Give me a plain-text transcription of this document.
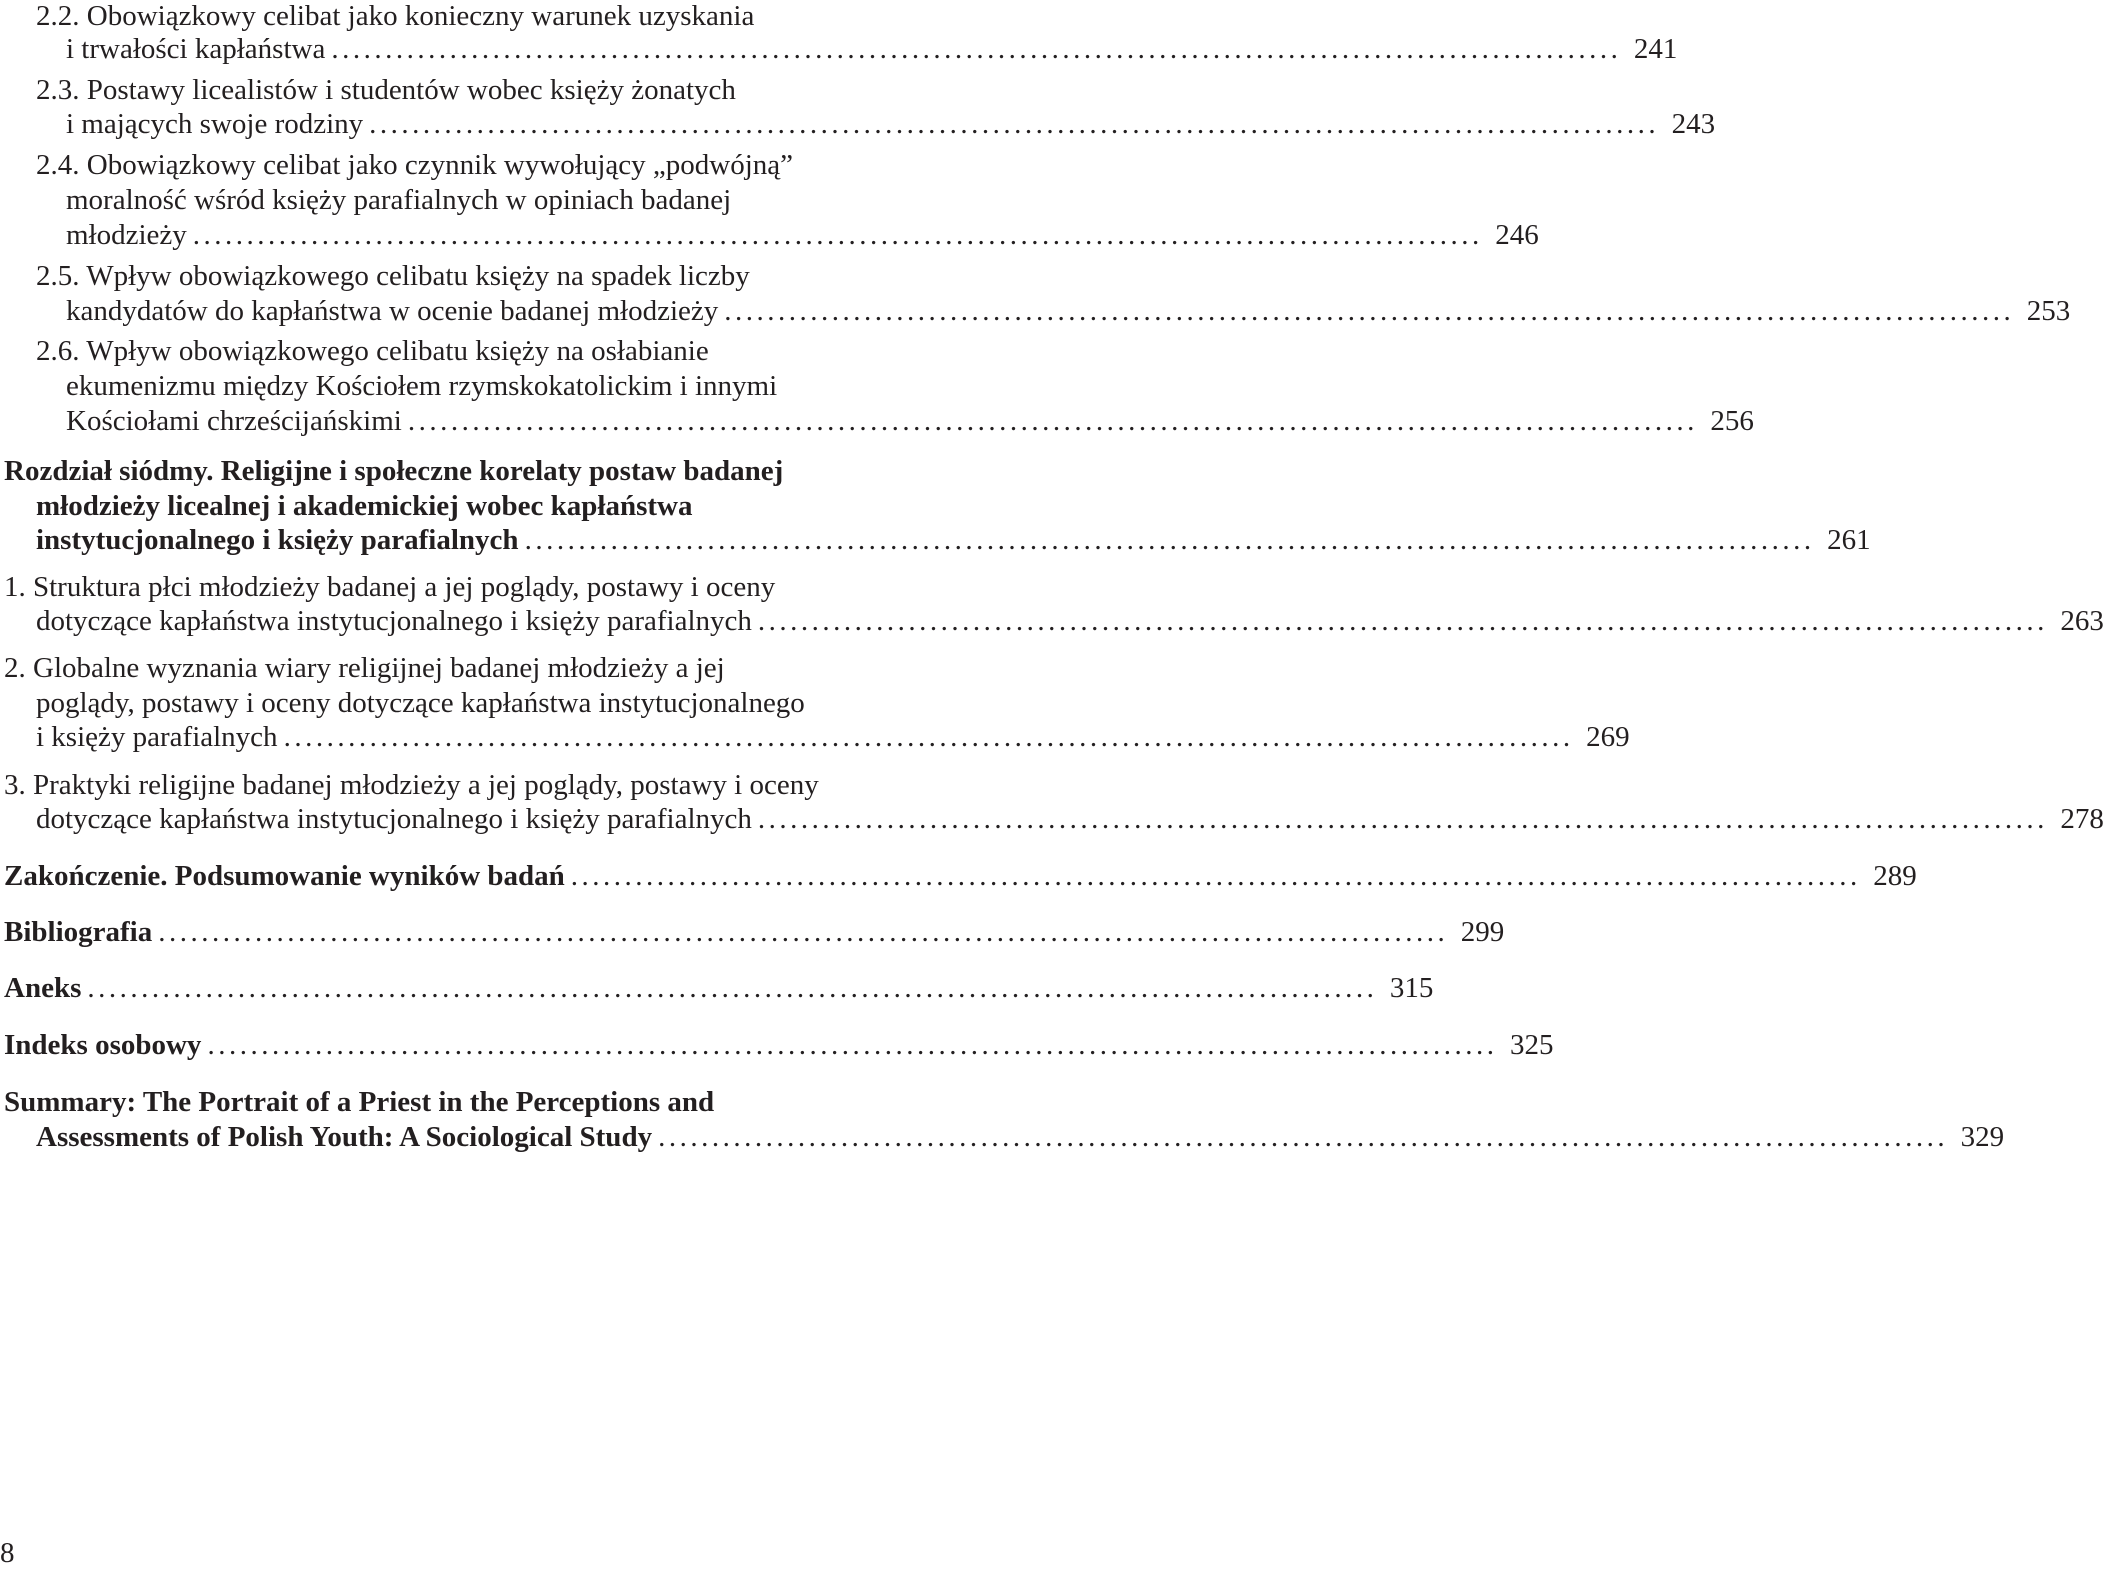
2.2. Obowiązkowy celibat jako konieczny warunek uzyskania
i trwałości kapłaństwa ........................................................................................................................ 241
2.3. Postawy licealistów i studentów wobec księży żonatych
i mających swoje rodziny ........................................................................................................................ 243
2.4. Obowiązkowy celibat jako czynnik wywołujący „podwójną”
moralność wśród księży parafialnych w opiniach badanej
młodzieży ........................................................................................................................ 246
2.5. Wpływ obowiązkowego celibatu księży na spadek liczby
kandydatów do kapłaństwa w ocenie badanej młodzieży ........................................................................................................................ 253
2.6. Wpływ obowiązkowego celibatu księży na osłabianie
ekumenizmu między Kościołem rzymskokatolickim i innymi
Kościołami chrześcijańskimi ........................................................................................................................ 256
Rozdział siódmy. Religijne i społeczne korelaty postaw badanej
młodzieży licealnej i akademickiej wobec kapłaństwa
instytucjonalnego i księży parafialnych ........................................................................................................................ 261
1. Struktura płci młodzieży badanej a jej poglądy, postawy i oceny
dotyczące kapłaństwa instytucjonalnego i księży parafialnych ........................................................................................................................ 263
2. Globalne wyznania wiary religijnej badanej młodzieży a jej
poglądy, postawy i oceny dotyczące kapłaństwa instytucjonalnego
i księży parafialnych ........................................................................................................................ 269
3. Praktyki religijne badanej młodzieży a jej poglądy, postawy i oceny
dotyczące kapłaństwa instytucjonalnego i księży parafialnych ........................................................................................................................ 278
Zakończenie. Podsumowanie wyników badań ........................................................................................................................ 289
Bibliografia ........................................................................................................................ 299
Aneks ........................................................................................................................ 315
Indeks osobowy ........................................................................................................................ 325
Summary: The Portrait of a Priest in the Perceptions and
Assessments of Polish Youth: A Sociological Study ........................................................................................................................ 329
8
